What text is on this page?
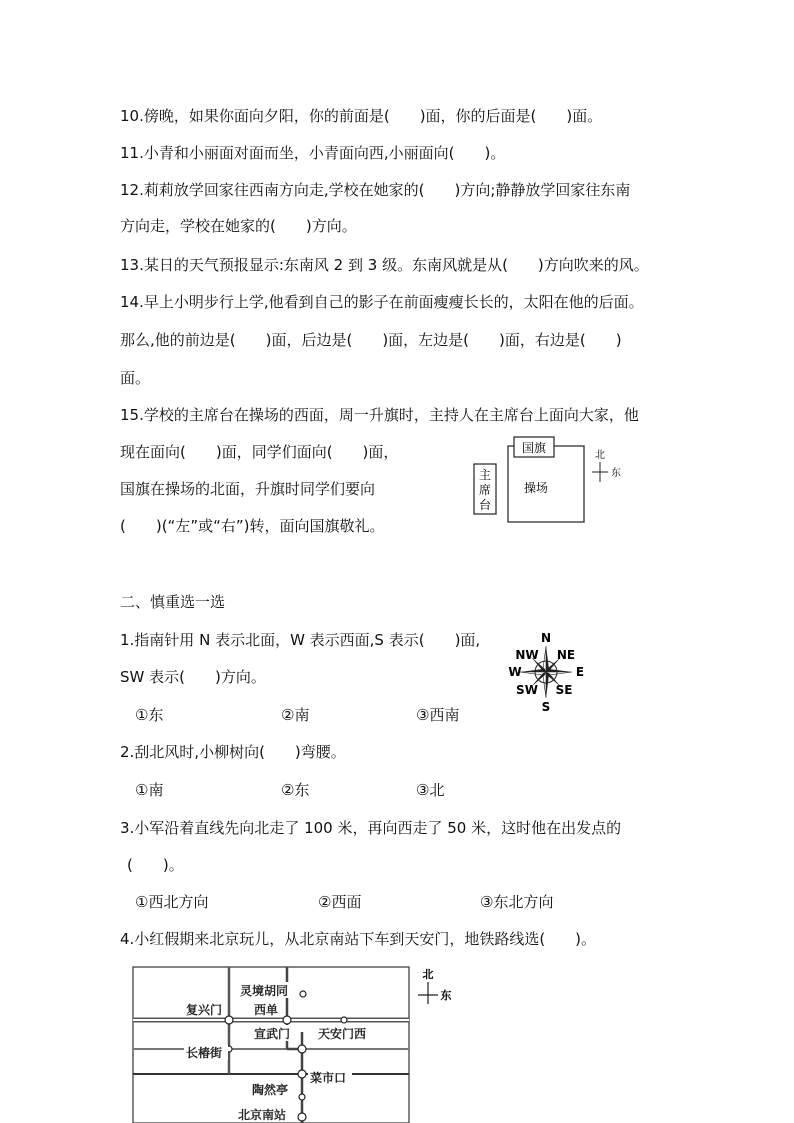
10.傍晚，如果你面向夕阳，你的前面是(　　)面，你的后面是(　　)面。
11.小青和小丽面对面而坐，小青面向西,小丽面向(　　)。
12.莉莉放学回家往西南方向走,学校在她家的(　　)方向;静静放学回家往东南
方向走，学校在她家的(　　)方向。
13.某日的天气预报显示:东南风 2 到 3 级。东南风就是从(　　)方向吹来的风。
14.早上小明步行上学,他看到自己的影子在前面瘦瘦长长的，太阳在他的后面。
那么,他的前边是(　　)面，后边是(　　)面，左边是(　　)面，右边是(　　)
面。
15.学校的主席台在操场的西面，周一升旗时，主持人在主席台上面向大家，他
现在面向(　　)面，同学们面向(　　)面，
国旗在操场的北面，升旗时同学们要向
(　　)(“左”或“右”)转，面向国旗敬礼。
国旗
主
席
台
操场
北
东
二、慎重选一选
1.指南针用 N 表示北面，W 表示西面,S 表示(　　)面,
SW 表示(　　)方向。
①东	②南	③西南
N
NE
E
SE
S
SW
W
NW
2.刮北风时,小柳树向(　　)弯腰。
①南	②东	③北
3.小军沿着直线先向北走了 100 米，再向西走了 50 米，这时他在出发点的
(　　)。
①西北方向	②西面	③东北方向
4.小红假期来北京玩儿，从北京南站下车到天安门，地铁路线选(　　)。
灵境胡同
复兴门	西单
宣武门 天安门西
长椿街
菜市口
陶然亭
北京南站
北
东
